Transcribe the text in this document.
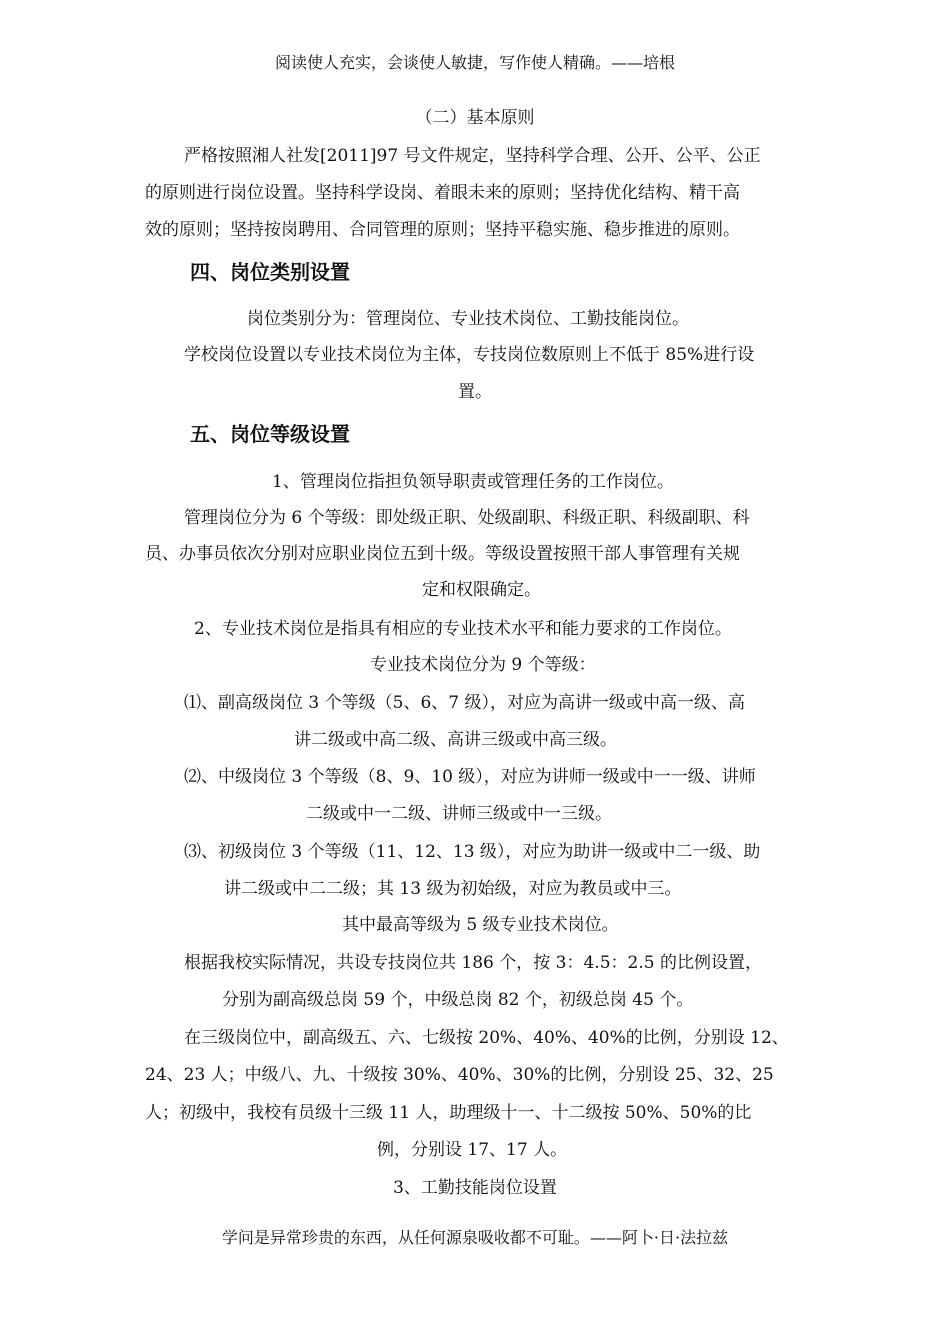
阅读使人充实，会谈使人敏捷，写作使人精确。——培根
（二）基本原则
严格按照湘人社发[2011]97 号文件规定，坚持科学合理、公开、公平、公正
的原则进行岗位设置。坚持科学设岗、着眼未来的原则；坚持优化结构、精干高
效的原则；坚持按岗聘用、合同管理的原则；坚持平稳实施、稳步推进的原则。
四、岗位类别设置
岗位类别分为：管理岗位、专业技术岗位、工勤技能岗位。
学校岗位设置以专业技术岗位为主体，专技岗位数原则上不低于 85%进行设
置。
五、岗位等级设置
1、管理岗位指担负领导职责或管理任务的工作岗位。
管理岗位分为 6 个等级：即处级正职、处级副职、科级正职、科级副职、科
员、办事员依次分别对应职业岗位五到十级。等级设置按照干部人事管理有关规
定和权限确定。
2、专业技术岗位是指具有相应的专业技术水平和能力要求的工作岗位。
专业技术岗位分为 9 个等级：
⑴、副高级岗位 3 个等级（5、6、7 级），对应为高讲一级或中高一级、高
讲二级或中高二级、高讲三级或中高三级。
⑵、中级岗位 3 个等级（8、9、10 级），对应为讲师一级或中一一级、讲师
二级或中一二级、讲师三级或中一三级。
⑶、初级岗位 3 个等级（11、12、13 级），对应为助讲一级或中二一级、助
讲二级或中二二级；其 13 级为初始级，对应为教员或中三。
其中最高等级为 5 级专业技术岗位。
根据我校实际情况，共设专技岗位共 186 个，按 3：4.5：2.5 的比例设置，
分别为副高级总岗 59 个，中级总岗 82 个，初级总岗 45 个。
在三级岗位中，副高级五、六、七级按 20%、40%、40%的比例，分别设 12、
24、23 人；中级八、九、十级按 30%、40%、30%的比例，分别设 25、32、25
人；初级中，我校有员级十三级 11 人，助理级十一、十二级按 50%、50%的比
例，分别设 17、17 人。
3、工勤技能岗位设置
学问是异常珍贵的东西，从任何源泉吸收都不可耻。——阿卜·日·法拉兹
